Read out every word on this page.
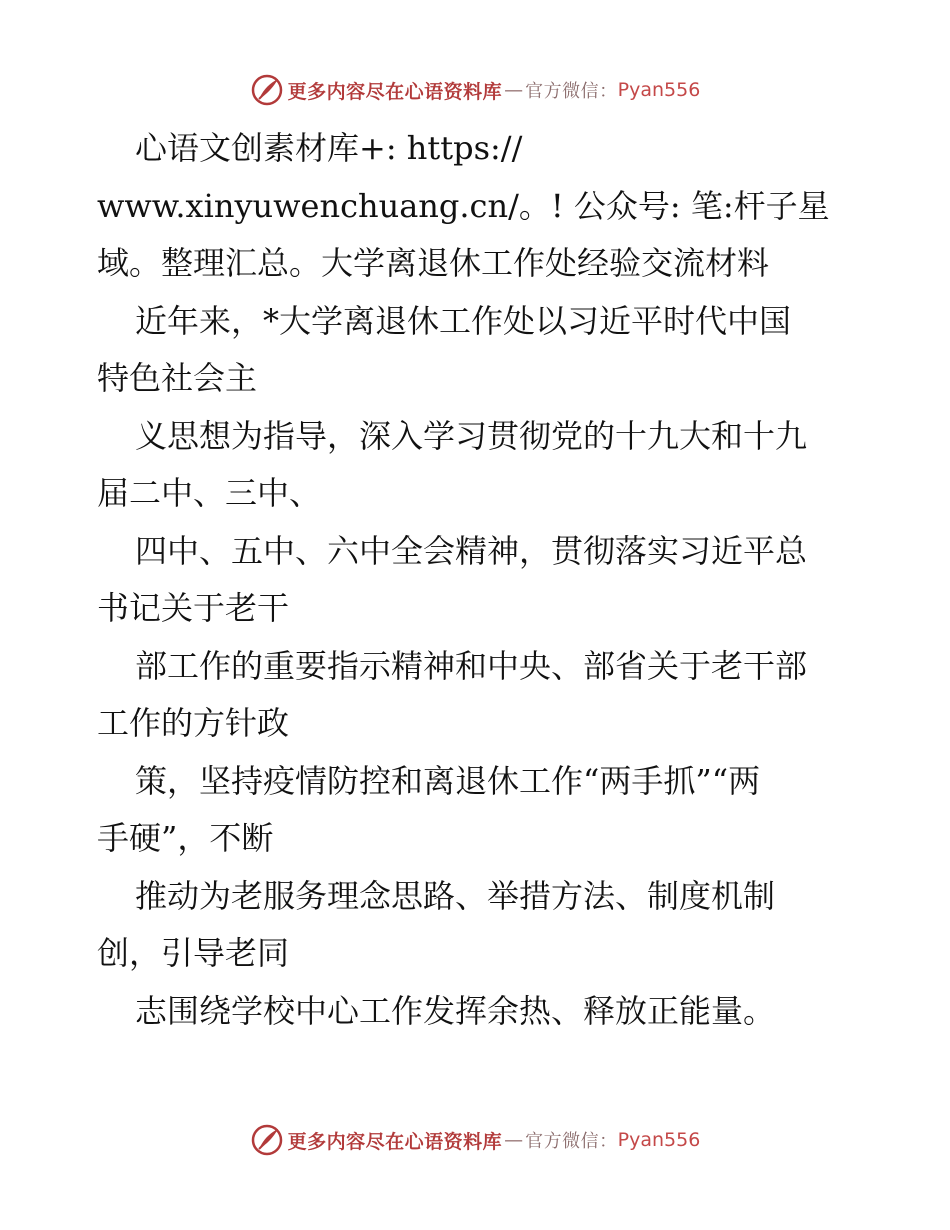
更多内容尽在心语资料库 — 官方微信： Pyan556
心语文创素材库+: https://
www.xinyuwenchuang.cn/。! 公众号: 笔:杆子星
域。整理汇总。大学离退休工作处经验交流材料
近年来，*大学离退休工作处以习近平时代中国
特色社会主
义思想为指导，深入学习贯彻党的十九大和十九
届二中、三中、
四中、五中、六中全会精神，贯彻落实习近平总
书记关于老干
部工作的重要指示精神和中央、部省关于老干部
工作的方针政
策，坚持疫情防控和离退休工作“两手抓”“两
手硬”，不断
推动为老服务理念思路、举措方法、制度机制
创，引导老同
志围绕学校中心工作发挥余热、释放正能量。
更多内容尽在心语资料库 — 官方微信： Pyan556
